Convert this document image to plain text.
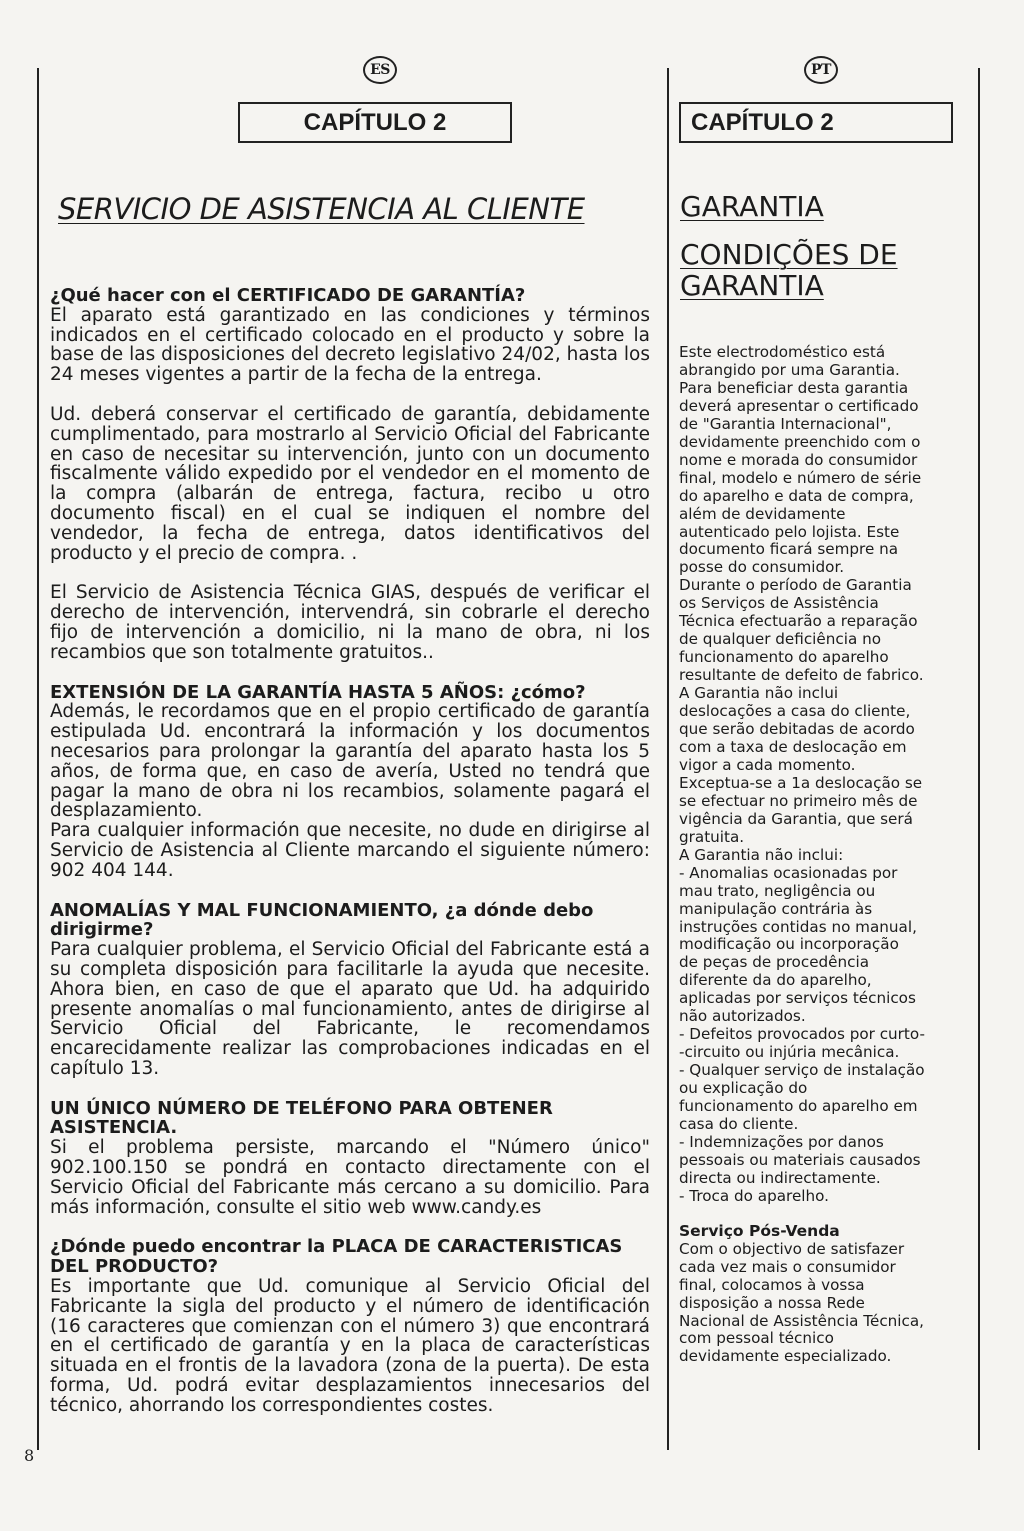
ES
CAPÍTULO 2
SERVICIO DE ASISTENCIA AL CLIENTE
¿Qué hacer con el CERTIFICADO DE GARANTÍA?

El aparato está garantizado en las condiciones y términos indicados en el certificado colocado en el producto y sobre la base de las disposiciones del decreto legislativo 24/02, hasta los 24 meses vigentes a partir de la fecha de la entrega.

Ud. deberá conservar el certificado de garantía, debidamente cumplimentado, para mostrarlo al Servicio Oficial del Fabricante en caso de necesitar su intervención, junto con un documento fiscalmente válido expedido por el vendedor en el momento de la compra (albarán de entrega, factura, recibo u otro documento fiscal) en el cual se indiquen el nombre del vendedor, la fecha de entrega, datos identificativos del producto y el precio de compra. .

El Servicio de Asistencia Técnica GIAS, después de verificar el derecho de intervención, intervendrá, sin cobrarle el derecho fijo de intervención a domicilio, ni la mano de obra, ni los recambios que son totalmente gratuitos..

EXTENSIÓN DE LA GARANTÍA HASTA 5 AÑOS: ¿cómo?

Además, le recordamos que en el propio certificado de garantía estipulada Ud. encontrará la información y los documentos necesarios para prolongar la garantía del aparato hasta los 5 años, de forma que, en caso de avería, Usted no tendrá que pagar la mano de obra ni los recambios, solamente pagará el desplazamiento.

Para cualquier información que necesite, no dude en dirigirse al Servicio de Asistencia al Cliente marcando el siguiente número: 902 404 144.

ANOMALÍAS Y MAL FUNCIONAMIENTO, ¿a dónde debo dirigirme?

Para cualquier problema, el Servicio Oficial del Fabricante está a su completa disposición para facilitarle la ayuda que necesite. Ahora bien, en caso de que el aparato que Ud. ha adquirido presente anomalías o mal funcionamiento, antes de dirigirse al Servicio Oficial del Fabricante, le recomendamos encarecidamente realizar las comprobaciones indicadas en el capítulo 13.

UN ÚNICO NÚMERO DE TELÉFONO PARA OBTENER ASISTENCIA.

Si el problema persiste, marcando el "Número único" 902.100.150 se pondrá en contacto directamente con el Servicio Oficial del Fabricante más cercano a su domicilio. Para más información, consulte el sitio web www.candy.es

¿Dónde puedo encontrar la PLACA DE CARACTERISTICAS DEL PRODUCTO?

Es importante que Ud. comunique al Servicio Oficial del Fabricante la sigla del producto y el número de identificación (16 caracteres que comienzan con el número 3) que encontrará en el certificado de garantía y en la placa de características situada en el frontis de la lavadora (zona de la puerta). De esta forma, Ud. podrá evitar desplazamientos innecesarios del técnico, ahorrando los correspondientes costes.

PT
CAPÍTULO 2
GARANTIA
CONDIÇÕES DE
GARANTIA
Este electrodoméstico está
abrangido por uma Garantia.
Para beneficiar desta garantia
deverá apresentar o certificado
de "Garantia Internacional",
devidamente preenchido com o
nome e morada do consumidor
final, modelo e número de série
do aparelho e data de compra,
além de devidamente
autenticado pelo lojista. Este
documento ficará sempre na
posse do consumidor.
Durante o período de Garantia
os Serviços de Assistência
Técnica efectuarão a reparação
de qualquer deficiência no
funcionamento do aparelho
resultante de defeito de fabrico.
A Garantia não inclui
deslocações a casa do cliente,
que serão debitadas de acordo
com a taxa de deslocação em
vigor a cada momento.
Exceptua-se a 1a deslocação se
se efectuar no primeiro mês de
vigência da Garantia, que será
gratuita.
A Garantia não inclui:
- Anomalias ocasionadas por
mau trato, negligência ou
manipulação contrária às
instruções contidas no manual,
modificação ou incorporação
de peças de procedência
diferente da do aparelho,
aplicadas por serviços técnicos
não autorizados.
- Defeitos provocados por curto-
-circuito ou injúria mecânica.
- Qualquer serviço de instalação
ou explicação do
funcionamento do aparelho em
casa do cliente.
- Indemnizações por danos
pessoais ou materiais causados
directa ou indirectamente.
- Troca do aparelho.
Serviço Pós-Venda
Com o objectivo de satisfazer
cada vez mais o consumidor
final, colocamos à vossa
disposição a nossa Rede
Nacional de Assistência Técnica,
com pessoal técnico
devidamente especializado.
8
